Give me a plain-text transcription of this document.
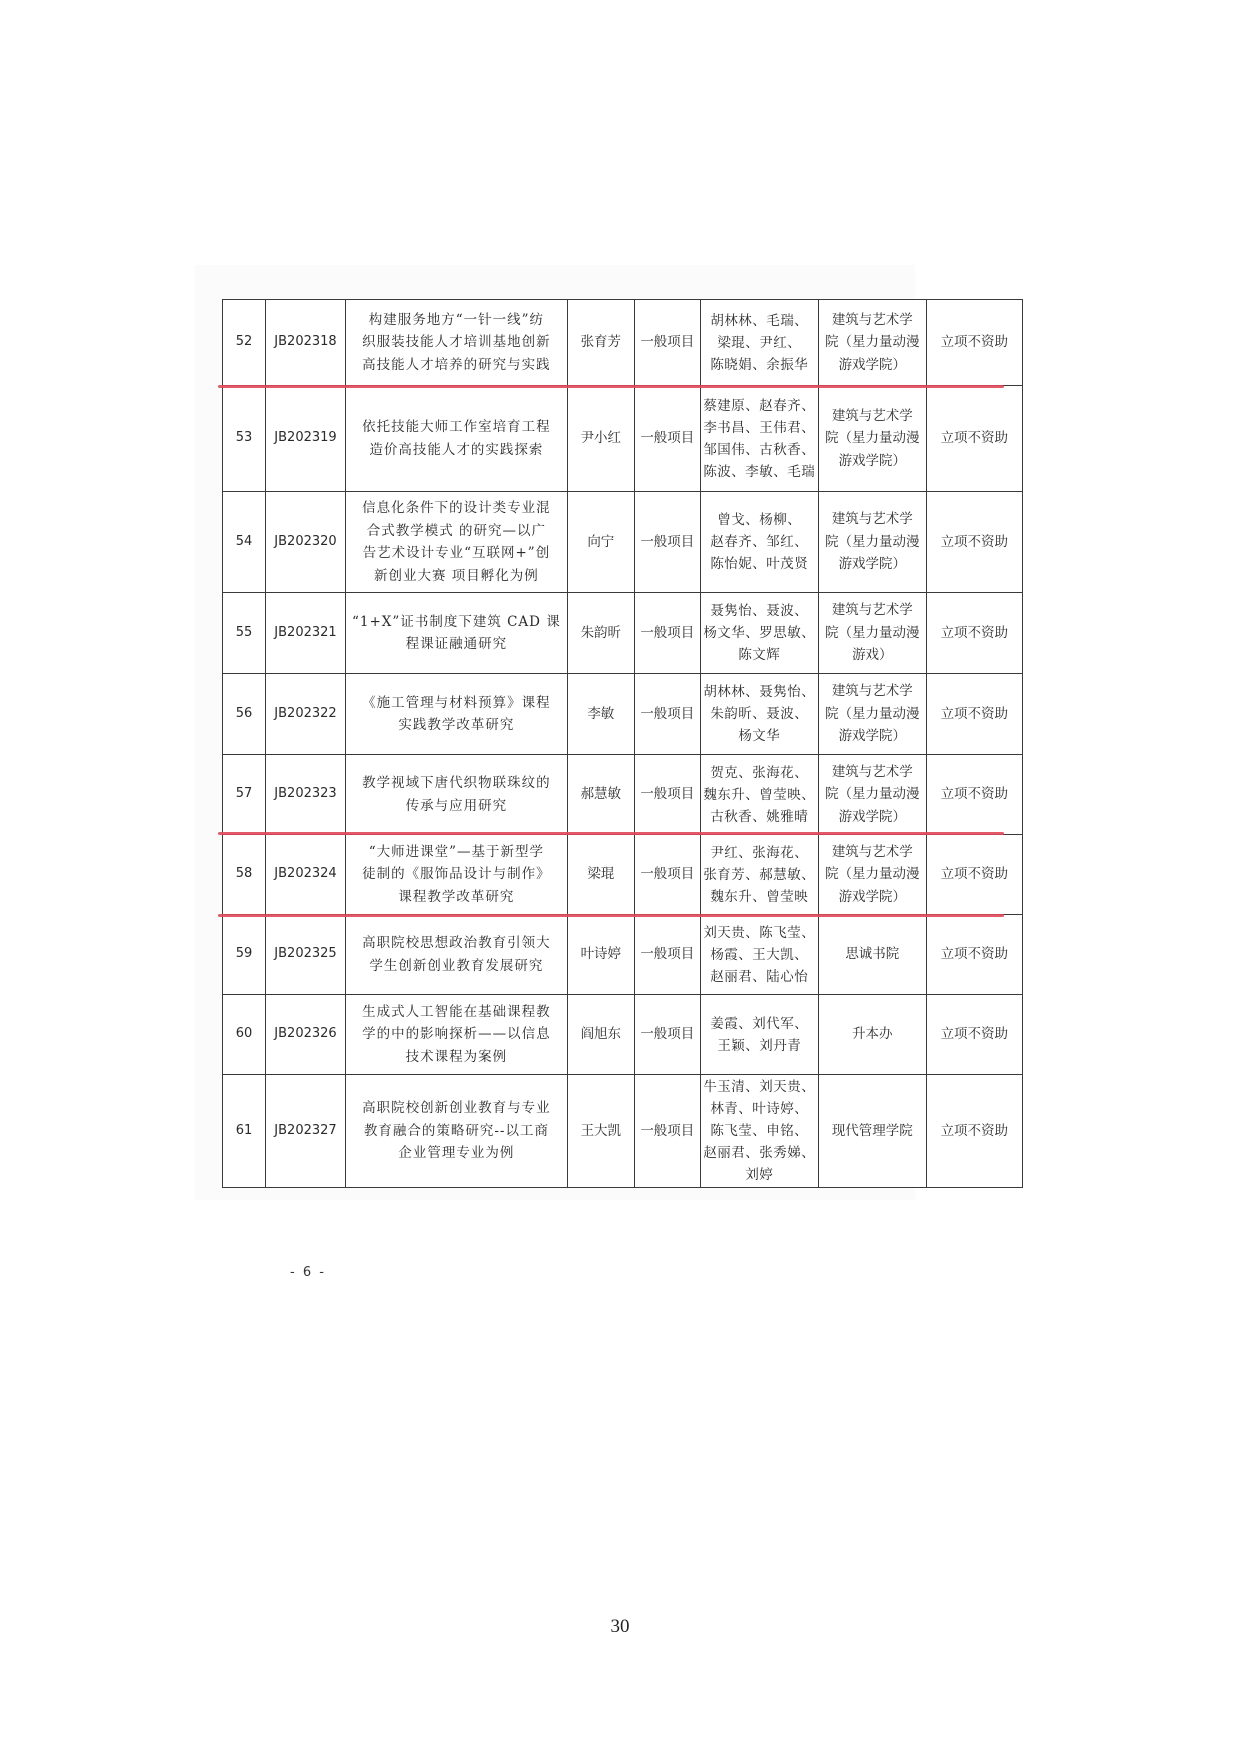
52	JB202318	构建服务地方“一针一线”纺
织服装技能人才培训基地创新
高技能人才培养的研究与实践	张育芳	一般项目	胡林林、毛瑞、
梁琨、尹红、
陈晓娟、余振华	建筑与艺术学
院（星力量动漫
游戏学院）	立项不资助
53	JB202319	依托技能大师工作室培育工程
造价高技能人才的实践探索	尹小红	一般项目	蔡建原、赵春齐、
李书昌、王伟君、
邹国伟、古秋香、
陈波、李敏、毛瑞	建筑与艺术学
院（星力量动漫
游戏学院）	立项不资助
54	JB202320	信息化条件下的设计类专业混
合式教学模式 的研究—以广
告艺术设计专业“互联网+”创
新创业大赛 项目孵化为例	向宁	一般项目	曾戈、杨柳、
赵春齐、邹红、
陈怡妮、叶茂贤	建筑与艺术学
院（星力量动漫
游戏学院）	立项不资助
55	JB202321	“1+X”证书制度下建筑 CAD 课
程课证融通研究	朱韵昕	一般项目	聂隽怡、聂波、
杨文华、罗思敏、
陈文辉	建筑与艺术学
院（星力量动漫
游戏）	立项不资助
56	JB202322	《施工管理与材料预算》课程
实践教学改革研究	李敏	一般项目	胡林林、聂隽怡、
朱韵昕、聂波、
杨文华	建筑与艺术学
院（星力量动漫
游戏学院）	立项不资助
57	JB202323	教学视域下唐代织物联珠纹的
传承与应用研究	郝慧敏	一般项目	贺克、张海花、
魏东升、曾莹映、
古秋香、姚雅晴	建筑与艺术学
院（星力量动漫
游戏学院）	立项不资助
58	JB202324	“大师进课堂”—基于新型学
徒制的《服饰品设计与制作》
课程教学改革研究	梁琨	一般项目	尹红、张海花、
张育芳、郝慧敏、
魏东升、曾莹映	建筑与艺术学
院（星力量动漫
游戏学院）	立项不资助
59	JB202325	高职院校思想政治教育引领大
学生创新创业教育发展研究	叶诗婷	一般项目	刘天贵、陈飞莹、
杨霞、王大凯、
赵丽君、陆心怡	思诚书院	立项不资助
60	JB202326	生成式人工智能在基础课程教
学的中的影响探析——以信息
技术课程为案例	阎旭东	一般项目	姜霞、刘代军、
王颖、刘丹青	升本办	立项不资助
61	JB202327	高职院校创新创业教育与专业
教育融合的策略研究--以工商
企业管理专业为例	王大凯	一般项目	牛玉清、刘天贵、
林青、叶诗婷、
陈飞莹、申铭、
赵丽君、张秀娣、
刘婷	现代管理学院	立项不资助
- 6 -
30
